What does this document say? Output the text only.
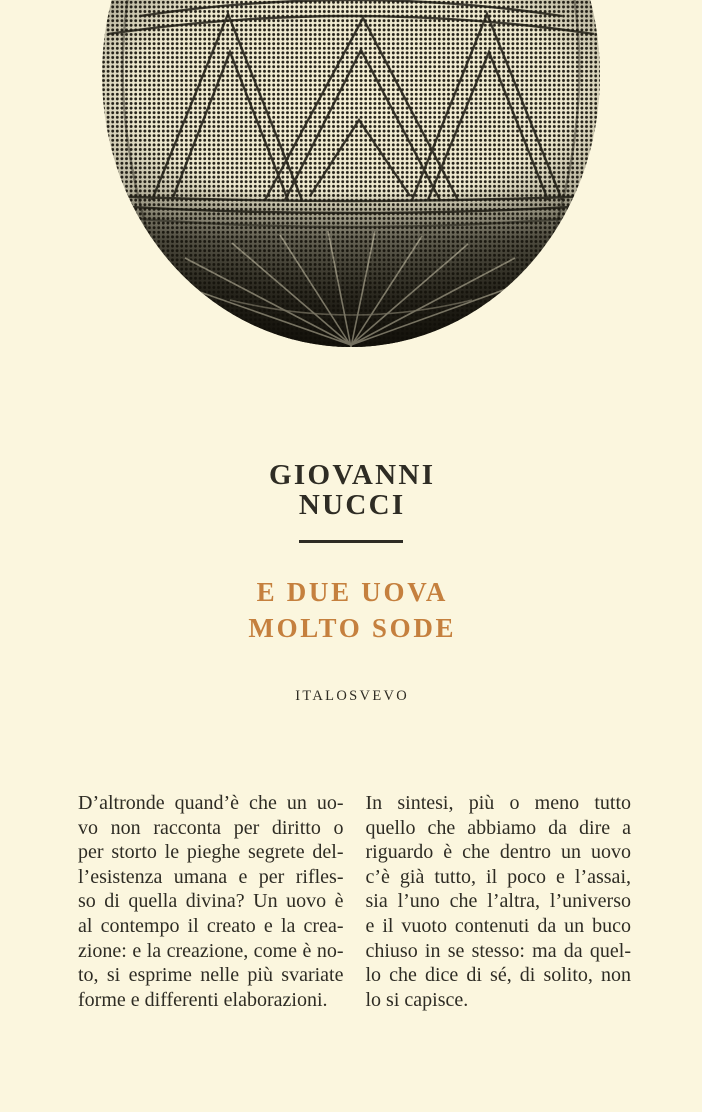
GIOVANNI
NUCCI
E DUE UOVA
MOLTO SODE
ITALOSVEVO
D’altronde quand’è che un uo-
vo non racconta per diritto o
per storto le pieghe segrete del-
l’esistenza umana e per rifles-
so di quella divina? Un uovo è
al contempo il creato e la crea-
zione: e la creazione, come è no-
to, si esprime nelle più svariate
forme e differenti elaborazioni.
In sintesi, più o meno tutto
quello che abbiamo da dire a
riguardo è che dentro un uovo
c’è già tutto, il poco e l’assai,
sia l’uno che l’altra, l’universo
e il vuoto contenuti da un buco
chiuso in se stesso: ma da quel-
lo che dice di sé, di solito, non
lo si capisce.
